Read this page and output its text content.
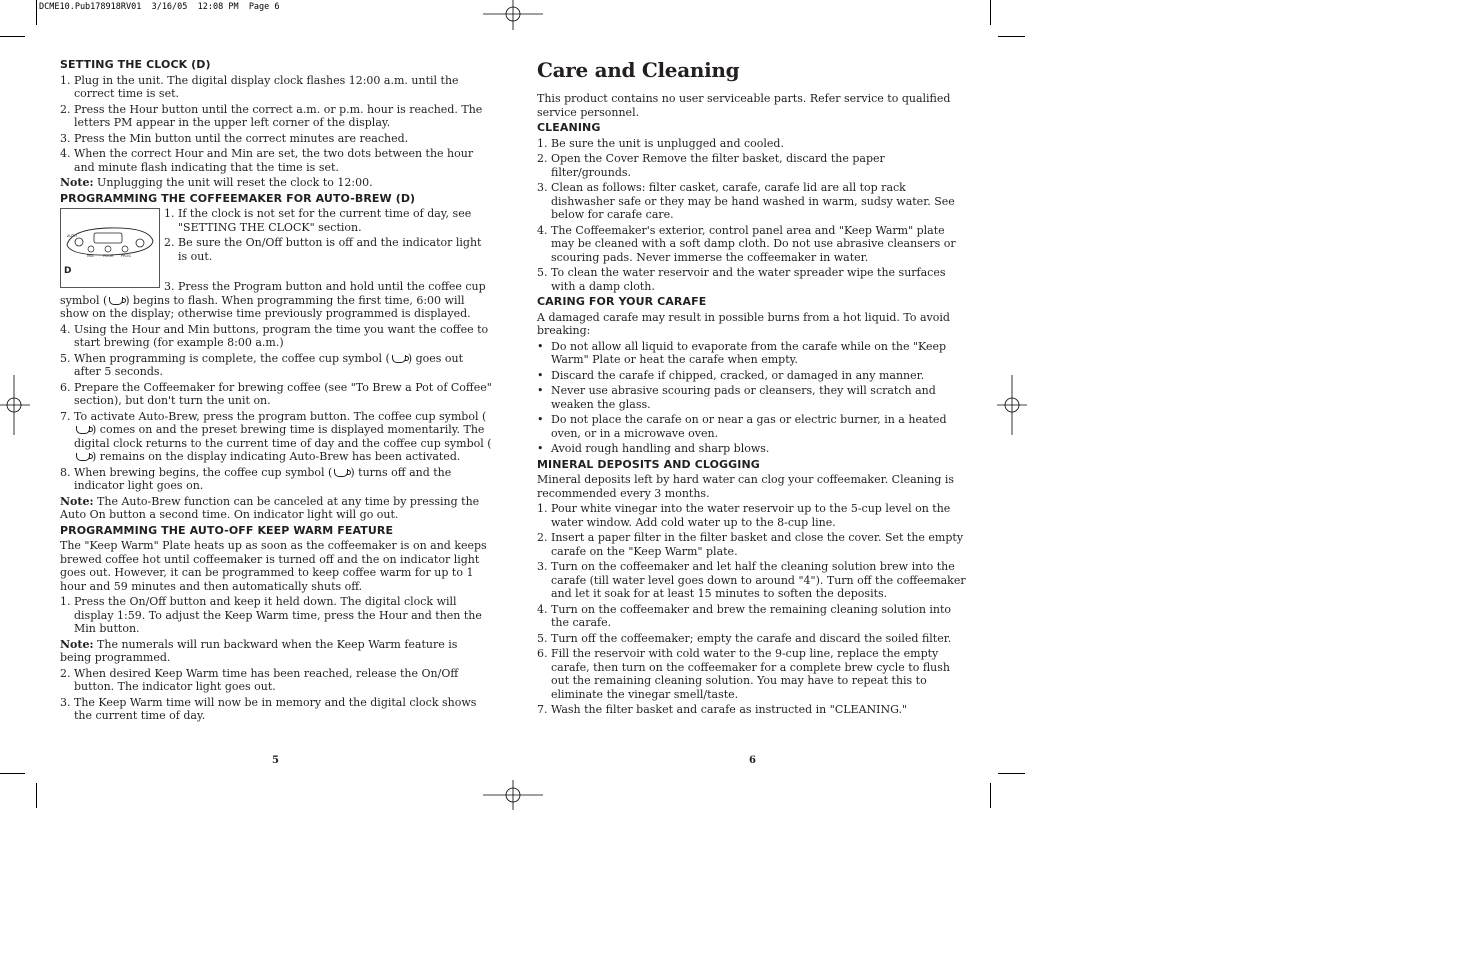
DCME10.Pub178918RV01  3/16/05  12:08 PM  Page 6
SETTING THE CLOCK (D)
1. Plug in the unit. The digital display clock flashes 12:00 a.m. until the correct time is set.
2. Press the Hour button until the correct a.m. or p.m. hour is reached. The letters PM appear in the upper left corner of the display.
3. Press the Min button until the correct minutes are reached.
4. When the correct Hour and Min are set, the two dots between the hour and minute flash indicating that the time is set.

Note: Unplugging the unit will reset the clock to 12:00.

PROGRAMMING THE COFFEEMAKER FOR AUTO-BREW (D)
AUTO
MIN	HOUR PROG
D
1. If the clock is not set for the current time of day, see "SETTING THE CLOCK" section.
2. Be sure the On/Off button is off and the indicator light is out.

3. Press the Program button and hold until the coffee cup symbol ( ) begins to flash. When programming the first time, 6:00 will show on the display; otherwise time previously programmed is displayed.

4. Using the Hour and Min buttons, program the time you want the coffee to start brewing (for example 8:00 a.m.)
5. When programming is complete, the coffee cup symbol ( ) goes out after 5 seconds.
6. Prepare the Coffeemaker for brewing coffee (see "To Brew a Pot of Coffee" section), but don't turn the unit on.
7. To activate Auto-Brew, press the program button. The coffee cup symbol () comes on and the preset brewing time is displayed momentarily. The digital clock returns to the current time of day and the coffee cup symbol () remains on the display indicating Auto-Brew has been activated.
8. When brewing begins, the coffee cup symbol ( ) turns off and the indicator light goes on.

Note: The Auto-Brew function can be canceled at any time by pressing the Auto On button a second time. On indicator light will go out.

PROGRAMMING THE AUTO-OFF KEEP WARM FEATURE

The "Keep Warm" Plate heats up as soon as the coffeemaker is on and keeps brewed coffee hot until coffeemaker is turned off and the on indicator light goes out. However, it can be programmed to keep coffee warm for up to 1 hour and 59 minutes and then automatically shuts off.

1. Press the On/Off button and keep it held down. The digital clock will display 1:59. To adjust the Keep Warm time, press the Hour and then the Min button.

Note: The numerals will run backward when the Keep Warm feature is being programmed.

2. When desired Keep Warm time has been reached, release the On/Off button. The indicator light goes out.
3. The Keep Warm time will now be in memory and the digital clock shows the current time of day.
5
Care and Cleaning

This product contains no user serviceable parts. Refer service to qualified service personnel.

CLEANING
1. Be sure the unit is unplugged and cooled.
2. Open the Cover Remove the filter basket, discard the paper filter/grounds.
3. Clean as follows: filter casket, carafe, carafe lid are all top rack dishwasher safe or they may be hand washed in warm, sudsy water. See below for carafe care.
4. The Coffeemaker's exterior, control panel area and "Keep Warm" plate may be cleaned with a soft damp cloth. Do not use abrasive cleansers or scouring pads. Never immerse the coffeemaker in water.
5. To clean the water reservoir and the water spreader wipe the surfaces with a damp cloth.
CARING FOR YOUR CARAFE

A damaged carafe may result in possible burns from a hot liquid. To avoid breaking:

• Do not allow all liquid to evaporate from the carafe while on the "Keep Warm" Plate or heat the carafe when empty.
• Discard the carafe if chipped, cracked, or damaged in any manner.
• Never use abrasive scouring pads or cleansers, they will scratch and weaken the glass.
• Do not place the carafe on or near a gas or electric burner, in a heated oven, or in a microwave oven.
• Avoid rough handling and sharp blows.
MINERAL DEPOSITS AND CLOGGING

Mineral deposits left by hard water can clog your coffeemaker. Cleaning is recommended every 3 months.

1. Pour white vinegar into the water reservoir up to the 5-cup level on the water window. Add cold water up to the 8-cup line.
2. Insert a paper filter in the filter basket and close the cover. Set the empty carafe on the "Keep Warm" plate.
3. Turn on the coffeemaker and let half the cleaning solution brew into the carafe (till water level goes down to around "4"). Turn off the coffeemaker and let it soak for at least 15 minutes to soften the deposits.
4. Turn on the coffeemaker and brew the remaining cleaning solution into the carafe.
5. Turn off the coffeemaker; empty the carafe and discard the soiled filter.
6. Fill the reservoir with cold water to the 9-cup line, replace the empty carafe, then turn on the coffeemaker for a complete brew cycle to flush out the remaining cleaning solution. You may have to repeat this to eliminate the vinegar smell/taste.
7. Wash the filter basket and carafe as instructed in "CLEANING."
6
